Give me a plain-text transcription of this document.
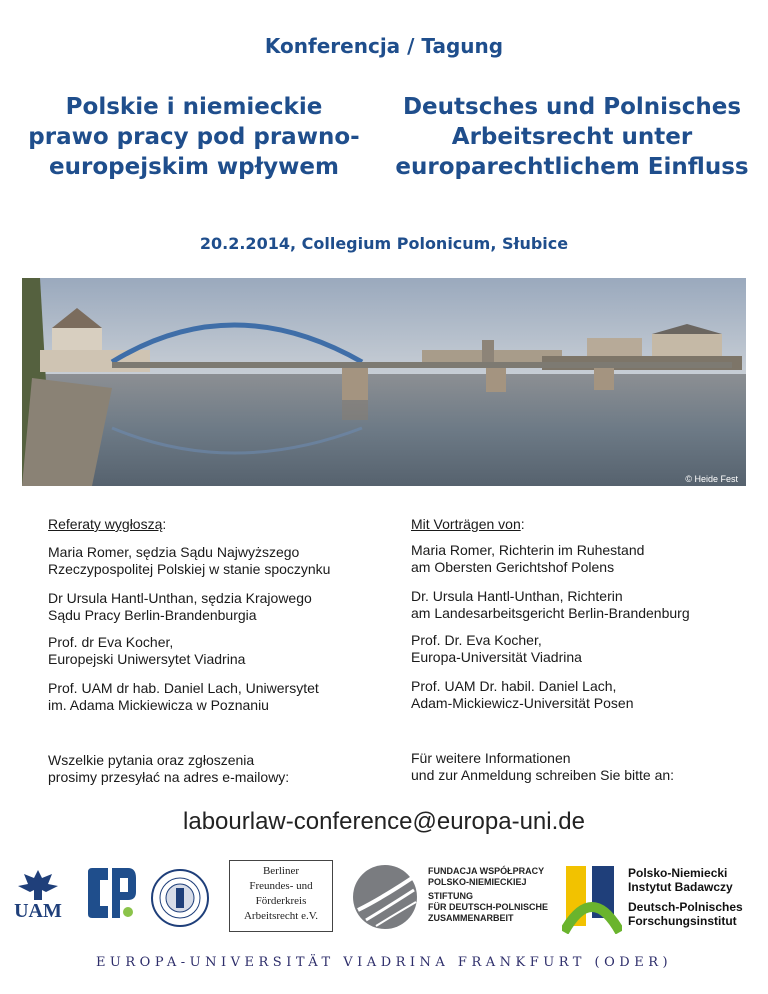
Konferencja / Tagung
Polskie i niemieckie
prawo pracy pod prawno-
europejskim wpływem
Deutsches und Polnisches
Arbeitsrecht unter
europarechtlichem Einfluss
20.2.2014, Collegium Polonicum, Słubice
© Heide Fest
Referaty wygłoszą:

Maria Romer, sędzia Sądu Najwyższego

Rzeczypospolitej Polskiej w stanie spoczynku

Dr Ursula Hantl-Unthan, sędzia Krajowego

Sądu Pracy Berlin-Brandenburgia

Prof. dr Eva Kocher,

Europejski Uniwersytet Viadrina

Prof. UAM dr hab. Daniel Lach, Uniwersytet

im. Adama Mickiewicza w Poznaniu

Wszelkie pytania oraz zgłoszenia

prosimy przesyłać na adres e-mailowy:

Mit Vorträgen von:

Maria Romer, Richterin im Ruhestand

am Obersten Gerichtshof Polens

Dr. Ursula Hantl-Unthan, Richterin

am Landesarbeitsgericht Berlin-Brandenburg

Prof. Dr. Eva Kocher,

Europa-Universität Viadrina

Prof. UAM Dr. habil. Daniel Lach,

Adam-Mickiewicz-Universität Posen

Für weitere Informationen

und zur Anmeldung schreiben Sie bitte an:

labourlaw-conference@europa-uni.de
UAM
Berliner
Freundes- und
Förderkreis
Arbeitsrecht e.V.
FUNDACJA WSPÓŁPRACY
POLSKO-NIEMIECKIEJ
STIFTUNG
FÜR DEUTSCH-POLNISCHE
ZUSAMMENARBEIT
Polsko-Niemiecki
Instytut Badawczy
Deutsch-Polnisches
Forschungsinstitut
EUROPA-UNIVERSITÄT VIADRINA FRANKFURT (ODER)
